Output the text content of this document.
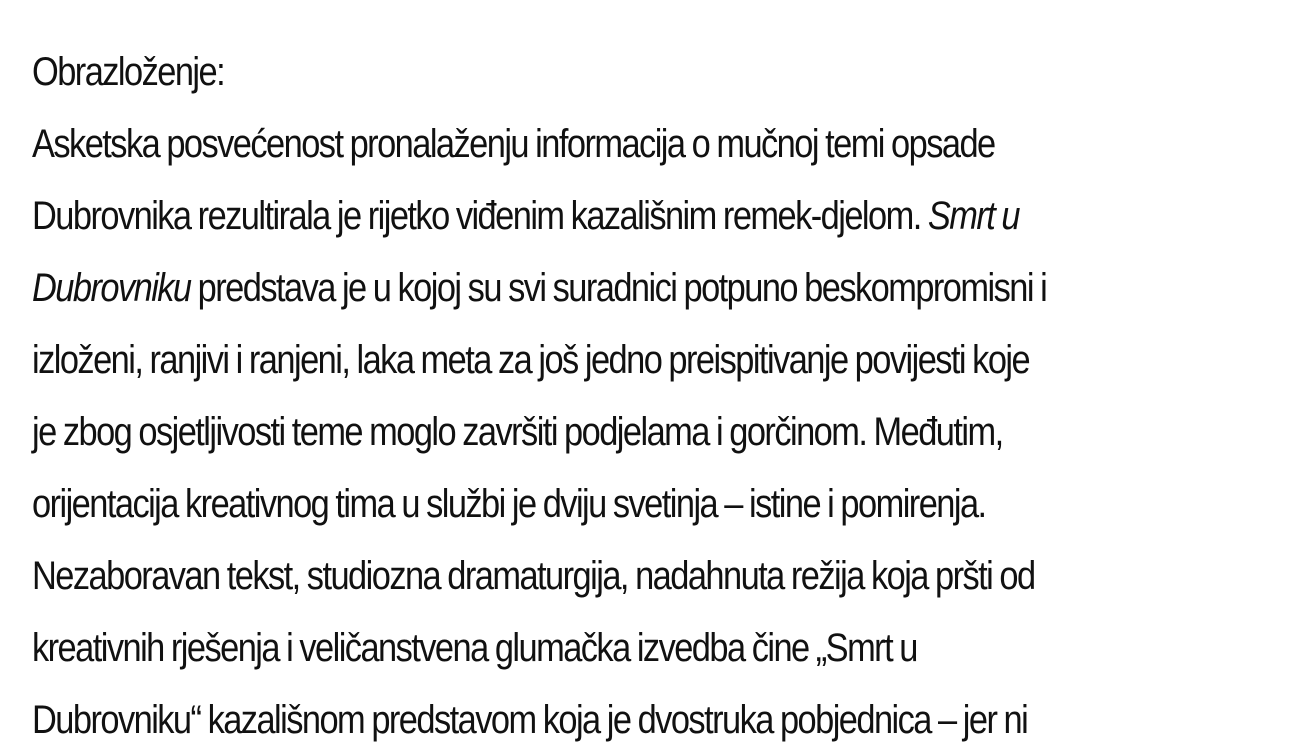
Obrazloženje:
Asketska posvećenost pronalaženju informacija o mučnoj temi opsade
Dubrovnika rezultirala je rijetko viđenim kazališnim remek-djelom. Smrt u
Dubrovniku predstava je u kojoj su svi suradnici potpuno beskompromisni i
izloženi, ranjivi i ranjeni, laka meta za još jedno preispitivanje povijesti koje
je zbog osjetljivosti teme moglo završiti podjelama i gorčinom. Međutim,
orijentacija kreativnog tima u službi je dviju svetinja – istine i pomirenja.
Nezaboravan tekst, studiozna dramaturgija, nadahnuta režija koja pršti od
kreativnih rješenja i veličanstvena glumačka izvedba čine „Smrt u
Dubrovniku“ kazališnom predstavom koja je dvostruka pobjednica – jer ni
